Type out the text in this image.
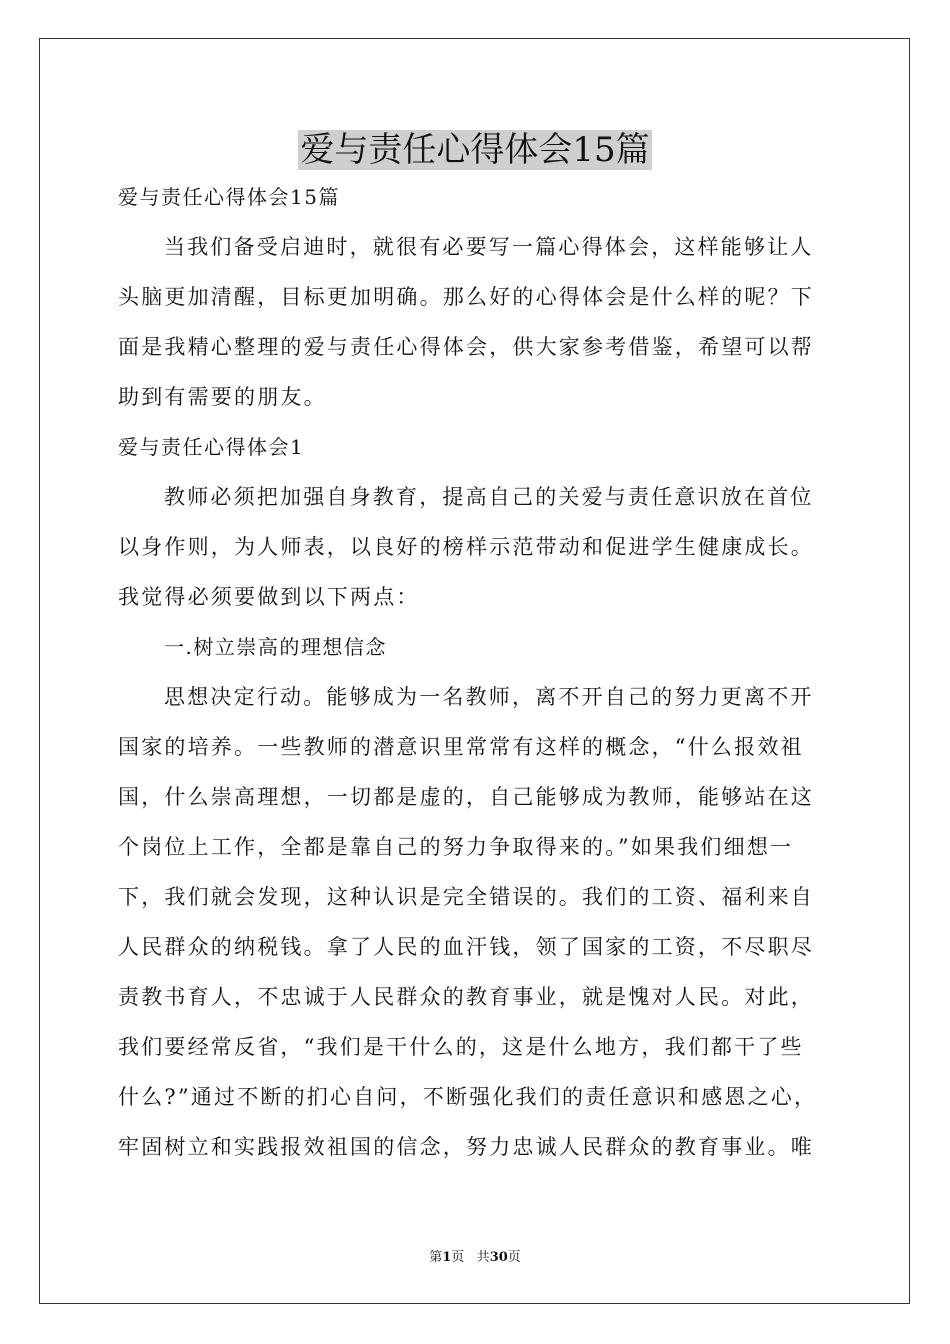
爱与责任心得体会15篇
爱与责任心得体会15篇
当我们备受启迪时，就很有必要写一篇心得体会，这样能够让人
头脑更加清醒，目标更加明确。那么好的心得体会是什么样的呢？下
面是我精心整理的爱与责任心得体会，供大家参考借鉴，希望可以帮
助到有需要的朋友。
爱与责任心得体会1
教师必须把加强自身教育，提高自己的关爱与责任意识放在首位
以身作则，为人师表，以良好的榜样示范带动和促进学生健康成长。
我觉得必须要做到以下两点：
一.树立崇高的理想信念
思想决定行动。能够成为一名教师，离不开自己的努力更离不开
国家的培养。一些教师的潜意识里常常有这样的概念，“什么报效祖
国，什么崇高理想，一切都是虚的，自己能够成为教师，能够站在这
个岗位上工作，全都是靠自己的努力争取得来的。”如果我们细想一
下，我们就会发现，这种认识是完全错误的。我们的工资、福利来自
人民群众的纳税钱。拿了人民的血汗钱，领了国家的工资，不尽职尽
责教书育人，不忠诚于人民群众的教育事业，就是愧对人民。对此，
我们要经常反省，“我们是干什么的，这是什么地方，我们都干了些
什么?”通过不断的扪心自问，不断强化我们的责任意识和感恩之心，
牢固树立和实践报效祖国的信念，努力忠诚人民群众的教育事业。唯
第1页 共30页
